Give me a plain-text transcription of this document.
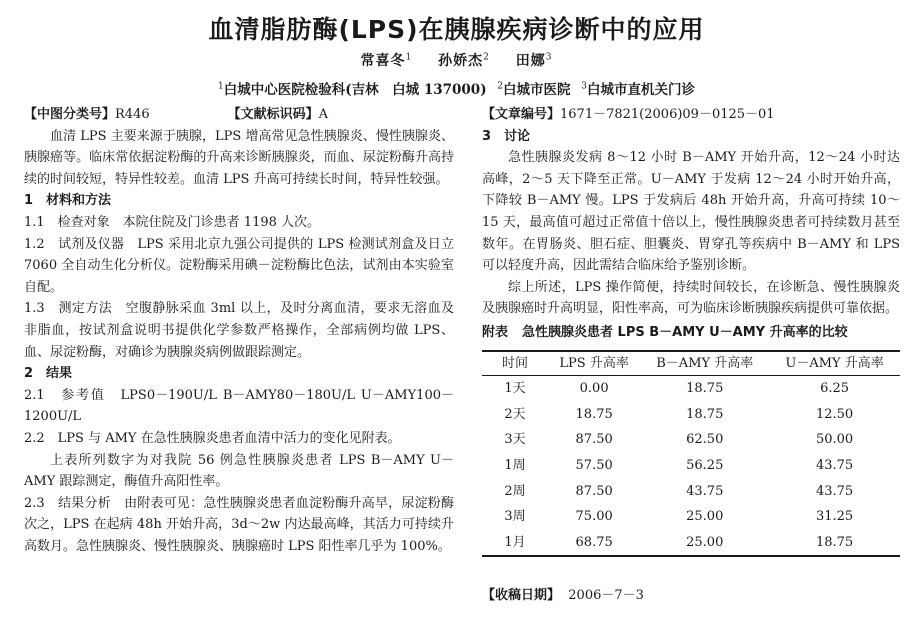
血清脂肪酶(LPS)在胰腺疾病诊断中的应用
常喜冬$^1$ 孙娇杰$^2$ 田娜$^3$
$^1$白城中心医院检验科(吉林　白城 137000) $^2$白城市医院 $^3$白城市直机关门诊

【中图分类号】R446	【文献标识码】A

血清 LPS 主要来源于胰腺，LPS 增高常见急性胰腺炎、慢性胰腺炎、胰腺癌等。临床常依据淀粉酶的升高来诊断胰腺炎，而血、尿淀粉酶升高持续的时间较短，特异性较差。血清 LPS 升高可持续长时间，特异性较强。

1　材料和方法

1.1　检查对象　本院住院及门诊患者 1198 人次。

1.2　试剂及仪器　LPS 采用北京九强公司提供的 LPS 检测试剂盒及日立 7060 全自动生化分析仪。淀粉酶采用碘－淀粉酶比色法，试剂由本实验室自配。

1.3　测定方法　空腹静脉采血 3ml 以上，及时分离血清，要求无溶血及非脂血，按试剂盒说明书提供化学参数严格操作，全部病例均做 LPS、血、尿淀粉酶，对确诊为胰腺炎病例做跟踪测定。

2　结果

2.1　参考值　LPS0－190U/L B－AMY80－180U/L U－AMY100－1200U/L

2.2　LPS 与 AMY 在急性胰腺炎患者血清中活力的变化见附表。

上表所列数字为对我院 56 例急性胰腺炎患者 LPS B－AMY U－AMY 跟踪测定，酶值升高阳性率。

2.3　结果分析　由附表可见：急性胰腺炎患者血淀粉酶升高早，尿淀粉酶次之，LPS 在起病 48h 开始升高，3d～2w 内达最高峰，其活力可持续升高数月。急性胰腺炎、慢性胰腺炎、胰腺癌时 LPS 阳性率几乎为 100%。

【文章编号】1671－7821(2006)09－0125－01

3　讨论

急性胰腺炎发病 8～12 小时 B－AMY 开始升高，12～24 小时达高峰，2～5 天下降至正常。U－AMY 于发病 12～24 小时开始升高，下降较 B－AMY 慢。LPS 于发病后 48h 开始升高，升高可持续 10～15 天，最高值可超过正常值十倍以上，慢性胰腺炎患者可持续数月甚至数年。在胃肠炎、胆石症、胆囊炎、胃穿孔等疾病中 B－AMY 和 LPS 可以轻度升高，因此需结合临床给予鉴别诊断。

综上所述，LPS 操作简便，持续时间较长，在诊断急、慢性胰腺炎及胰腺癌时升高明显，阳性率高，可为临床诊断胰腺疾病提供可靠依据。

附表 急性胰腺炎患者 LPS B－AMY U－AMY 升高率的比较
时间	LPS 升高率	B－AMY 升高率	U－AMY 升高率
1天	0.00	18.75	6.25
2天	18.75	18.75	12.50
3天	87.50	62.50	50.00
1周	57.50	56.25	43.75
2周	87.50	43.75	43.75
3周	75.00	25.00	31.25
1月	68.75	25.00	18.75
【收稿日期】 2006－7－3
